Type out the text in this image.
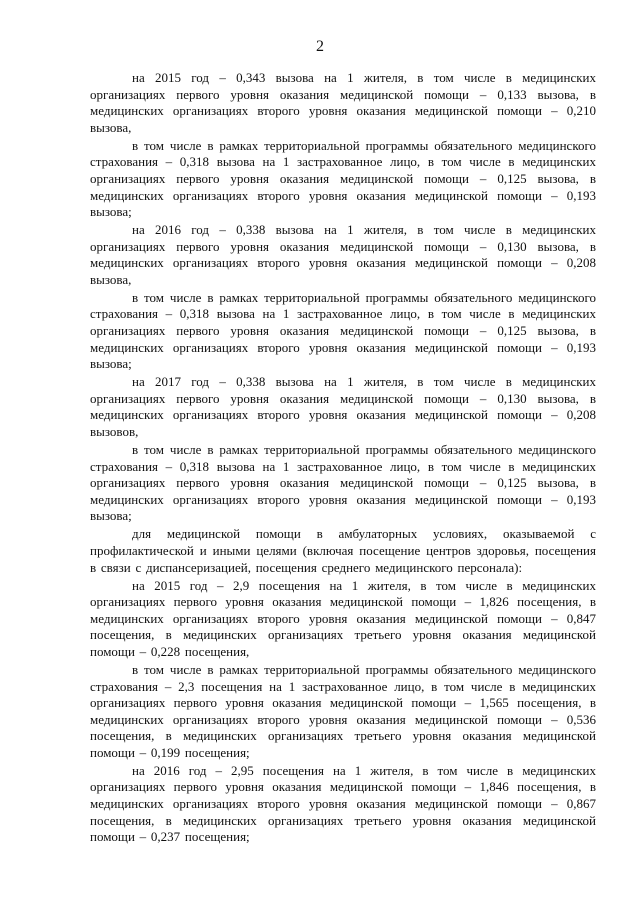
2

на 2015 год – 0,343 вызова на 1 жителя, в том числе в медицинских организациях первого уровня оказания медицинской помощи – 0,133 вызова, в медицинских организациях второго уровня оказания медицинской помощи – 0,210 вызова,

в том числе в рамках территориальной программы обязательного медицинского страхования – 0,318 вызова на 1 застрахованное лицо, в том числе в медицинских организациях первого уровня оказания медицинской помощи – 0,125 вызова, в медицинских организациях второго уровня оказания медицинской помощи – 0,193 вызова;

на 2016 год – 0,338 вызова на 1 жителя, в том числе в медицинских организациях первого уровня оказания медицинской помощи – 0,130 вызова, в медицинских организациях второго уровня оказания медицинской помощи – 0,208 вызова,

в том числе в рамках территориальной программы обязательного медицинского страхования – 0,318 вызова на 1 застрахованное лицо, в том числе в медицинских организациях первого уровня оказания медицинской помощи – 0,125 вызова, в медицинских организациях второго уровня оказания медицинской помощи – 0,193 вызова;

на 2017 год – 0,338 вызова на 1 жителя, в том числе в медицинских организациях первого уровня оказания медицинской помощи – 0,130 вызова, в медицинских организациях второго уровня оказания медицинской помощи – 0,208 вызовов,

в том числе в рамках территориальной программы обязательного медицинского страхования – 0,318 вызова на 1 застрахованное лицо, в том числе в медицинских организациях первого уровня оказания медицинской помощи – 0,125 вызова, в медицинских организациях второго уровня оказания медицинской помощи – 0,193 вызова;

для медицинской помощи в амбулаторных условиях, оказываемой с профилактической и иными целями (включая посещение центров здоровья, посещения в связи с диспансеризацией, посещения среднего медицинского персонала):

на 2015 год – 2,9 посещения на 1 жителя, в том числе в медицинских организациях первого уровня оказания медицинской помощи – 1,826 посещения, в медицинских организациях второго уровня оказания медицинской помощи – 0,847 посещения, в медицинских организациях третьего уровня оказания медицинской помощи – 0,228 посещения,

в том числе в рамках территориальной программы обязательного медицинского страхования – 2,3 посещения на 1 застрахованное лицо, в том числе в медицинских организациях первого уровня оказания медицинской помощи – 1,565 посещения, в медицинских организациях второго уровня оказания медицинской помощи – 0,536 посещения, в медицинских организациях третьего уровня оказания медицинской помощи – 0,199 посещения;

на 2016 год – 2,95 посещения на 1 жителя, в том числе в медицинских организациях первого уровня оказания медицинской помощи – 1,846 посещения, в медицинских организациях второго уровня оказания медицинской помощи – 0,867 посещения, в медицинских организациях третьего уровня оказания медицинской помощи – 0,237 посещения;
